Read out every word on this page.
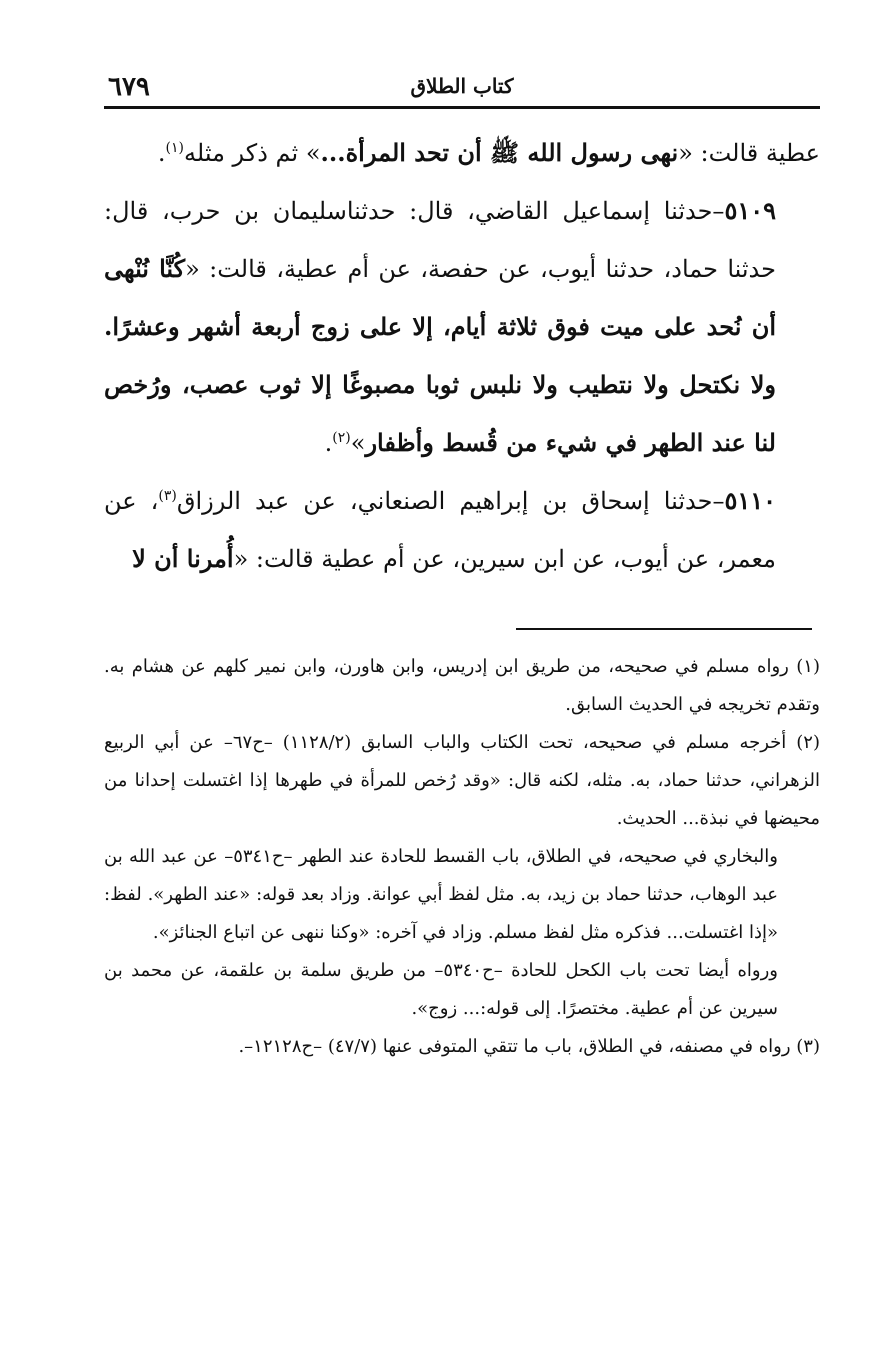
كتاب الطلاق
٦٧٩

عطية قالت: «نهى رسول الله ﷺ أن تحد المرأة...» ثم ذكر مثله$^{(١)}$.

٥١٠٩–حدثنا إسماعيل القاضي، قال: حدثناسليمان بن حرب، قال: حدثنا حماد، حدثنا أيوب، عن حفصة، عن أم عطية، قالت: «كُنَّا نُنْهى أن نُحد على ميت فوق ثلاثة أيام، إلا على زوج أربعة أشهر وعشرًا. ولا نكتحل ولا نتطيب ولا نلبس ثوبا مصبوغًا إلا ثوب عصب، ورُخص لنا عند الطهر في شيء من قُسط وأظفار»$^{(٢)}$.

٥١١٠–حدثنا إسحاق بن إبراهيم الصنعاني، عن عبد الرزاق$^{(٣)}$، عن معمر، عن أيوب، عن ابن سيرين، عن أم عطية قالت: «أُمرنا أن لا

(١) رواه مسلم في صحيحه، من طريق ابن إدريس، وابن هاورن، وابن نمير كلهم عن هشام به. وتقدم تخريجه في الحديث السابق.

(٢) أخرجه مسلم في صحيحه، تحت الكتاب والباب السابق (١١٢٨/٢) –ح٦٧– عن أبي الربيع الزهراني، حدثنا حماد، به. مثله، لكنه قال: «وقد رُخص للمرأة في طهرها إذا اغتسلت إحدانا من محيضها في نبذة... الحديث.

والبخاري في صحيحه، في الطلاق، باب القسط للحادة عند الطهر –ح٥٣٤١– عن عبد الله بن عبد الوهاب، حدثنا حماد بن زيد، به. مثل لفظ أبي عوانة. وزاد بعد قوله: «عند الطهر». لفظ: «إذا اغتسلت... فذكره مثل لفظ مسلم. وزاد في آخره: «وكنا ننهى عن اتباع الجنائز».

ورواه أيضا تحت باب الكحل للحادة –ح٥٣٤٠– من طريق سلمة بن علقمة، عن محمد بن سيرين عن أم عطية. مختصرًا. إلى قوله:... زوج».

(٣) رواه في مصنفه، في الطلاق، باب ما تتقي المتوفى عنها (٤٧/٧) –ح١٢١٢٨–.
